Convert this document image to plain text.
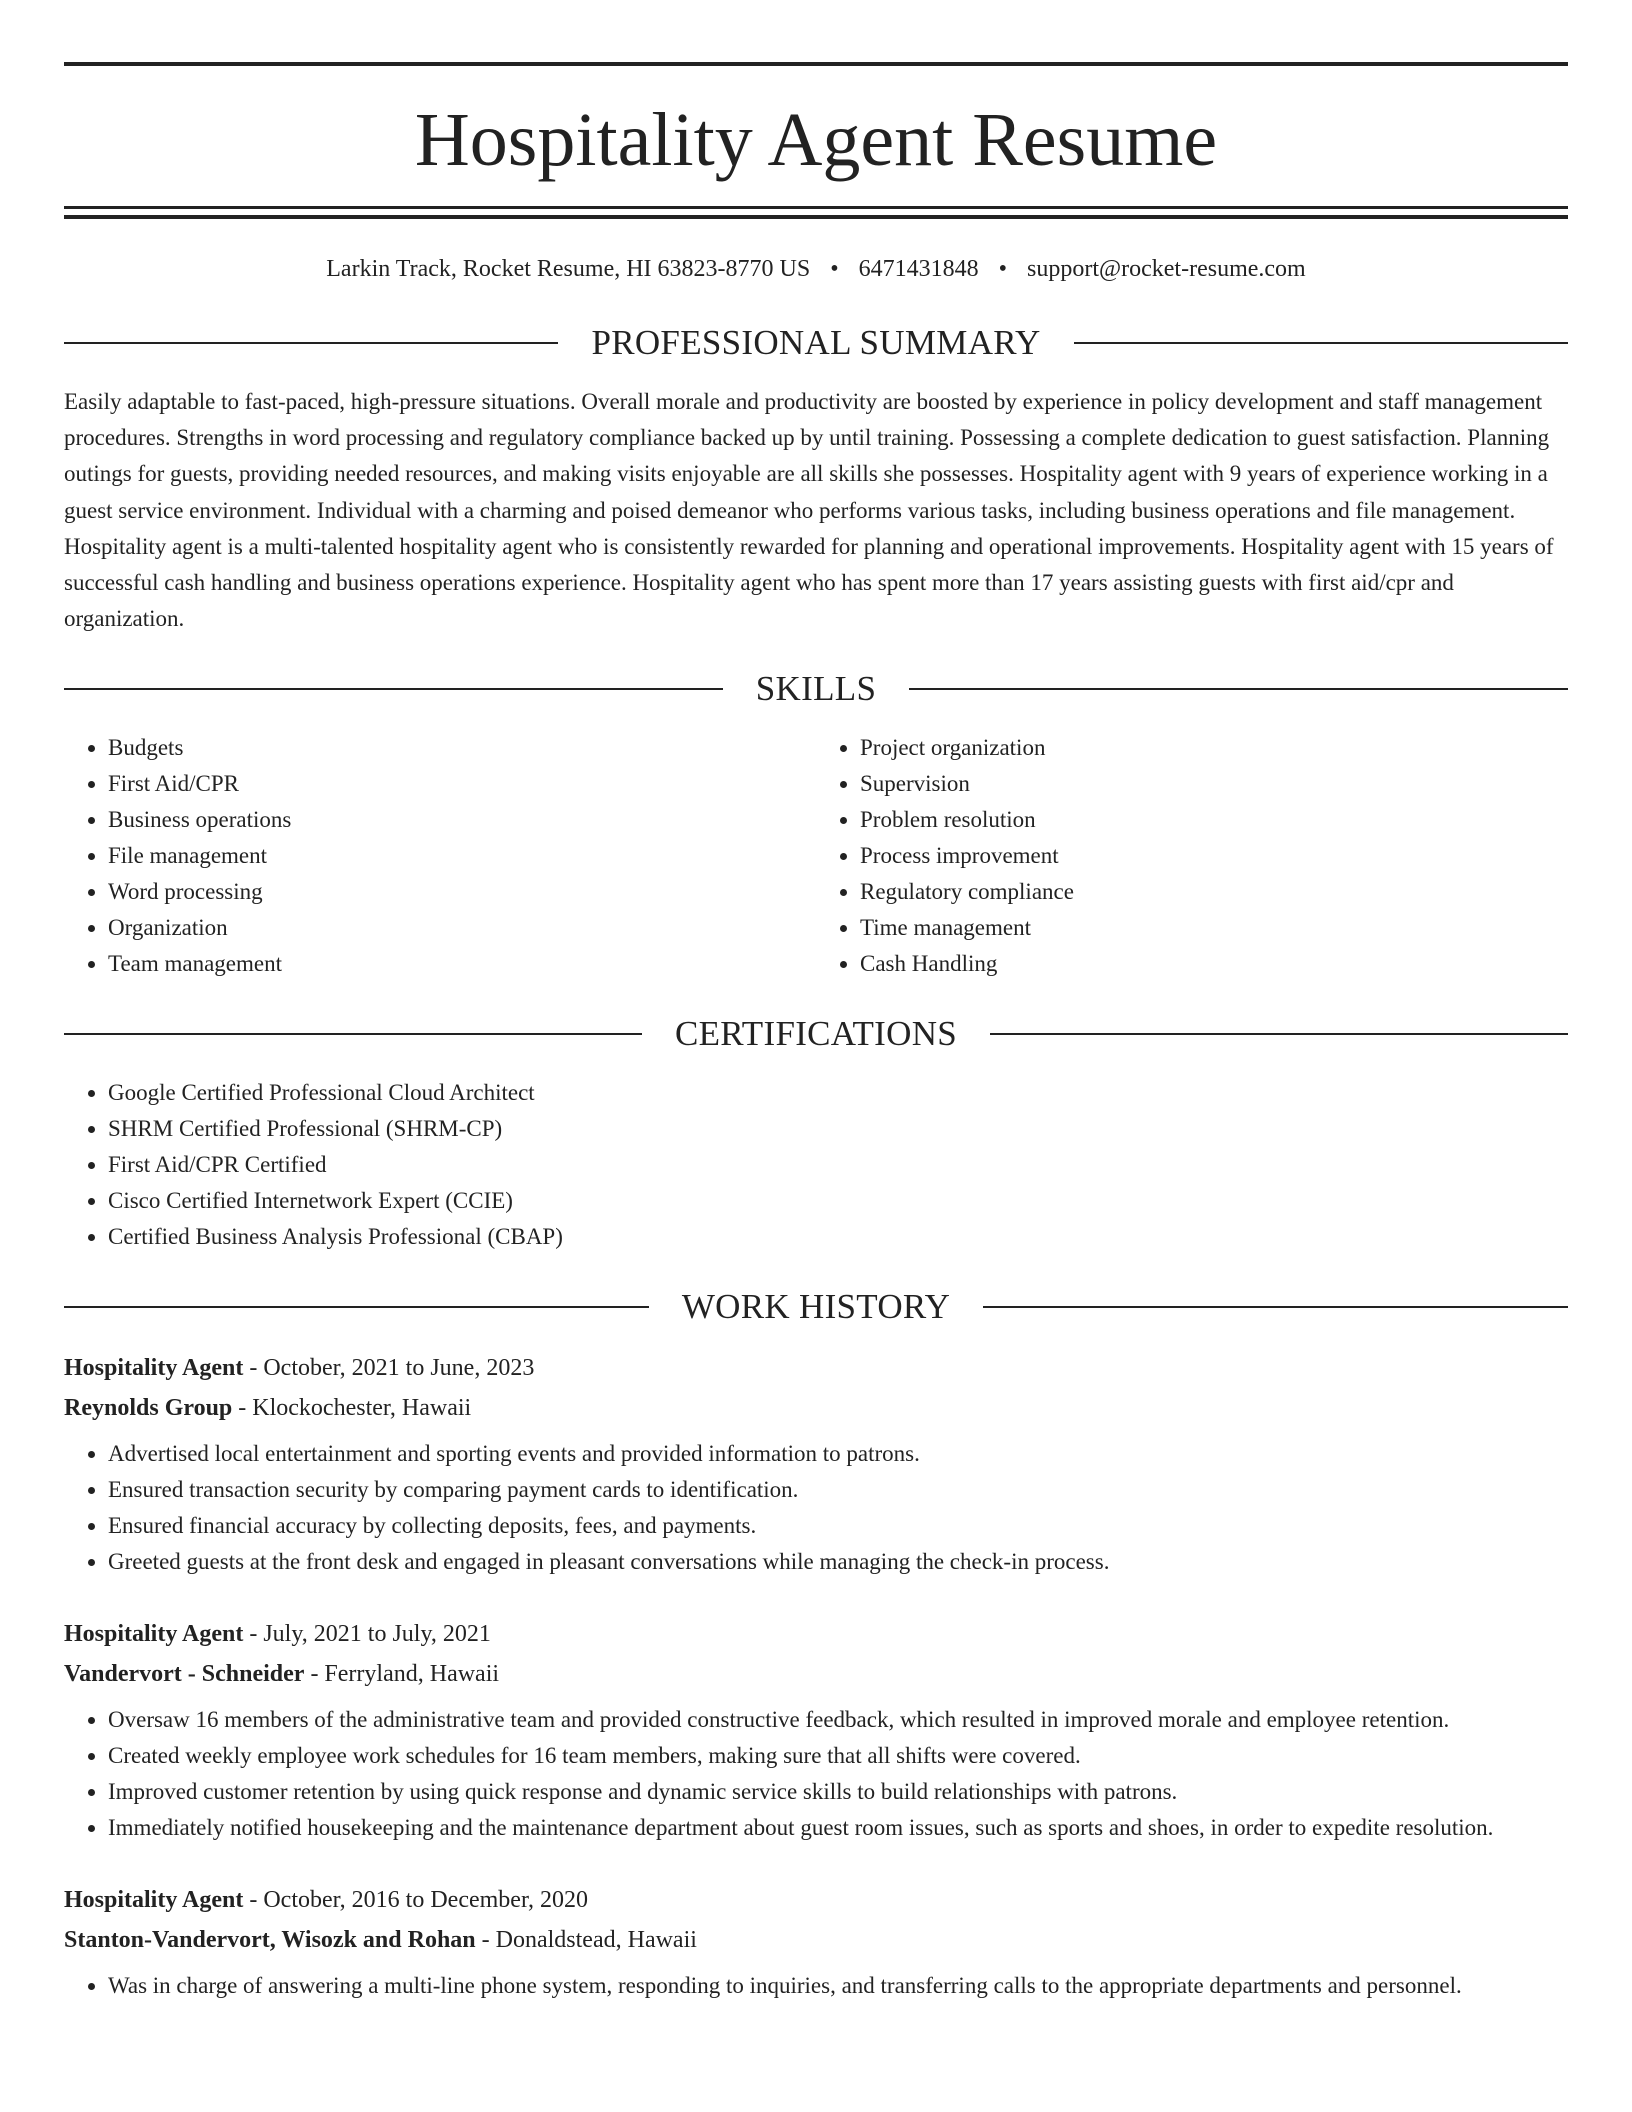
Hospitality Agent Resume
Larkin Track, Rocket Resume, HI 63823-8770 US • 6471431848 • support@rocket-resume.com
PROFESSIONAL SUMMARY

Easily adaptable to fast-paced, high-pressure situations. Overall morale and productivity are boosted by experience in policy development and staff management procedures. Strengths in word processing and regulatory compliance backed up by until training. Possessing a complete dedication to guest satisfaction. Planning outings for guests, providing needed resources, and making visits enjoyable are all skills she possesses. Hospitality agent with 9 years of experience working in a guest service environment. Individual with a charming and poised demeanor who performs various tasks, including business operations and file management. Hospitality agent is a multi-talented hospitality agent who is consistently rewarded for planning and operational improvements. Hospitality agent with 15 years of successful cash handling and business operations experience. Hospitality agent who has spent more than 17 years assisting guests with first aid/cpr and organization.

SKILLS
• Budgets
• First Aid/CPR
• Business operations
• File management
• Word processing
• Organization
• Team management
• Project organization
• Supervision
• Problem resolution
• Process improvement
• Regulatory compliance
• Time management
• Cash Handling
CERTIFICATIONS
• Google Certified Professional Cloud Architect
• SHRM Certified Professional (SHRM-CP)
• First Aid/CPR Certified
• Cisco Certified Internetwork Expert (CCIE)
• Certified Business Analysis Professional (CBAP)
WORK HISTORY
Hospitality Agent - October, 2021 to June, 2023
Reynolds Group - Klockochester, Hawaii
• Advertised local entertainment and sporting events and provided information to patrons.
• Ensured transaction security by comparing payment cards to identification.
• Ensured financial accuracy by collecting deposits, fees, and payments.
• Greeted guests at the front desk and engaged in pleasant conversations while managing the check-in process.
Hospitality Agent - July, 2021 to July, 2021
Vandervort - Schneider - Ferryland, Hawaii
• Oversaw 16 members of the administrative team and provided constructive feedback, which resulted in improved morale and employee retention.
• Created weekly employee work schedules for 16 team members, making sure that all shifts were covered.
• Improved customer retention by using quick response and dynamic service skills to build relationships with patrons.
• Immediately notified housekeeping and the maintenance department about guest room issues, such as sports and shoes, in order to expedite resolution.
Hospitality Agent - October, 2016 to December, 2020
Stanton-Vandervort, Wisozk and Rohan - Donaldstead, Hawaii
• Was in charge of answering a multi-line phone system, responding to inquiries, and transferring calls to the appropriate departments and personnel.
